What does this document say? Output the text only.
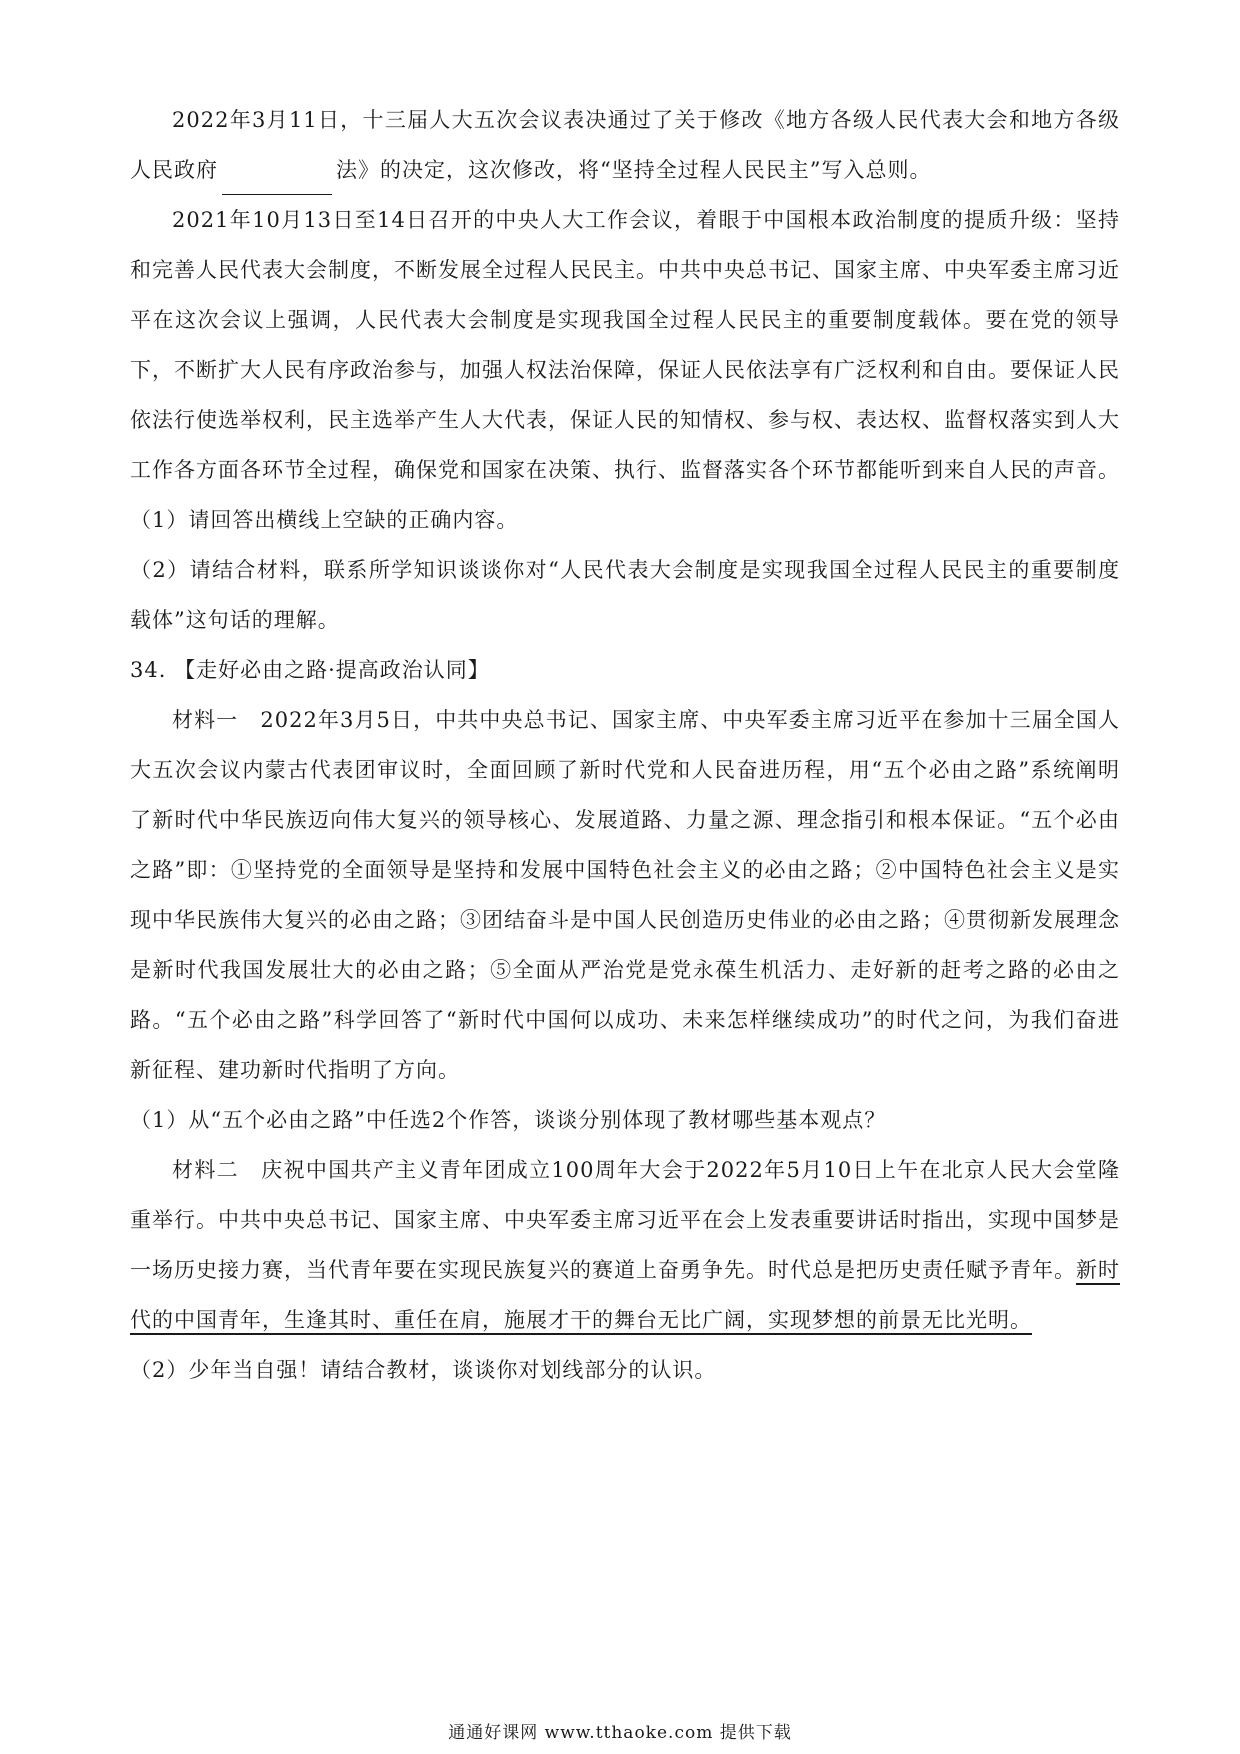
2022年3月11日，十三届人大五次会议表决通过了关于修改《地方各级人民代表大会和地方各级人民政府	法》的决定，这次修改，将“坚持全过程人民民主”写入总则。

2021年10月13日至14日召开的中央人大工作会议，着眼于中国根本政治制度的提质升级：坚持和完善人民代表大会制度，不断发展全过程人民民主。中共中央总书记、国家主席、中央军委主席习近平在这次会议上强调，人民代表大会制度是实现我国全过程人民民主的重要制度载体。要在党的领导下，不断扩大人民有序政治参与，加强人权法治保障，保证人民依法享有广泛权利和自由。要保证人民依法行使选举权利，民主选举产生人大代表，保证人民的知情权、参与权、表达权、监督权落实到人大工作各方面各环节全过程，确保党和国家在决策、执行、监督落实各个环节都能听到来自人民的声音。

（1）请回答出横线上空缺的正确内容。

（2）请结合材料，联系所学知识谈谈你对“人民代表大会制度是实现我国全过程人民民主的重要制度载体”这句话的理解。

34. 【走好必由之路·提高政治认同】

材料一　2022年3月5日，中共中央总书记、国家主席、中央军委主席习近平在参加十三届全国人大五次会议内蒙古代表团审议时，全面回顾了新时代党和人民奋进历程，用“五个必由之路”系统阐明了新时代中华民族迈向伟大复兴的领导核心、发展道路、力量之源、理念指引和根本保证。“五个必由之路”即：①坚持党的全面领导是坚持和发展中国特色社会主义的必由之路；②中国特色社会主义是实现中华民族伟大复兴的必由之路；③团结奋斗是中国人民创造历史伟业的必由之路；④贯彻新发展理念是新时代我国发展壮大的必由之路；⑤全面从严治党是党永葆生机活力、走好新的赶考之路的必由之路。“五个必由之路”科学回答了“新时代中国何以成功、未来怎样继续成功”的时代之问，为我们奋进新征程、建功新时代指明了方向。

（1）从“五个必由之路”中任选2个作答，谈谈分别体现了教材哪些基本观点？

材料二　庆祝中国共产主义青年团成立100周年大会于2022年5月10日上午在北京人民大会堂隆重举行。中共中央总书记、国家主席、中央军委主席习近平在会上发表重要讲话时指出，实现中国梦是一场历史接力赛，当代青年要在实现民族复兴的赛道上奋勇争先。时代总是把历史责任赋予青年。新时代的中国青年，生逢其时、重任在肩，施展才干的舞台无比广阔，实现梦想的前景无比光明。

（2）少年当自强！请结合教材，谈谈你对划线部分的认识。

通通好课网 www.tthaoke.com 提供下载
